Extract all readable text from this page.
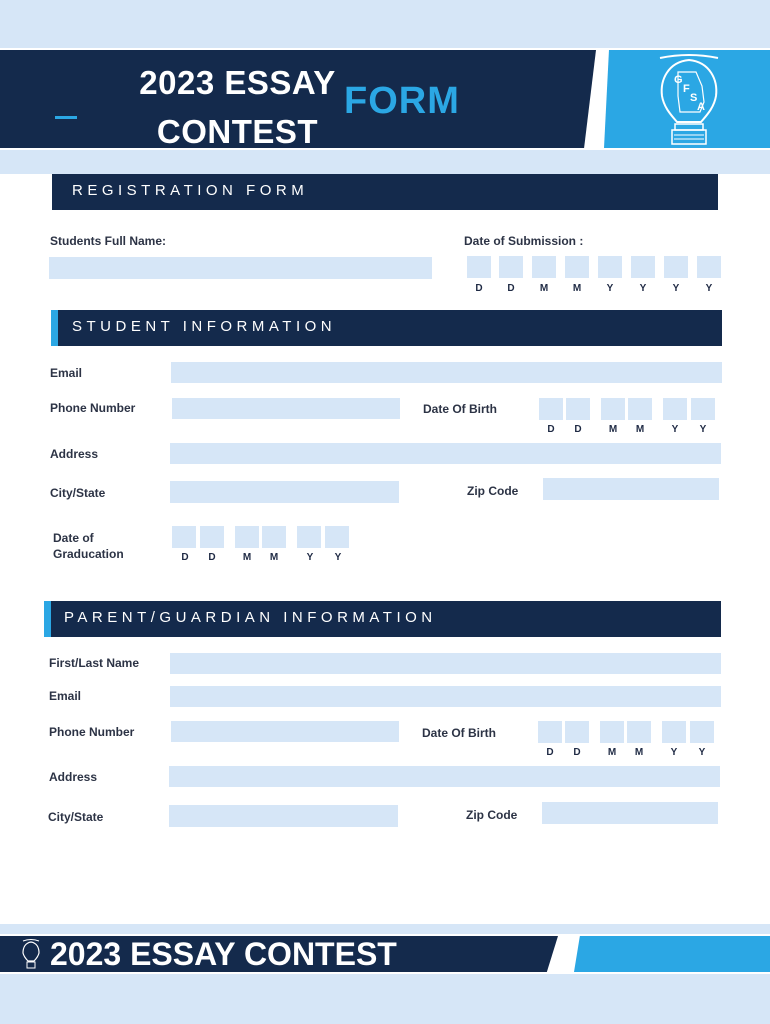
2023 ESSAY
CONTEST
FORM	G
F
S
A
REGISTRATION FORM
Students Full Name:	Date of Submission :
D	D	M	M	Y	Y	Y	Y
STUDENT INFORMATION
Email
Phone Number	Date Of Birth
D	D	M	M	Y	Y
Address
City/State	Zip Code
Date of
Graducation	D	D	M	M	Y	Y
PARENT/GUARDIAN INFORMATION
First/Last Name
Email
Phone Number	Date Of Birth
D	D	M	M	Y	Y
Address
City/State	Zip Code
2023 ESSAY CONTEST
